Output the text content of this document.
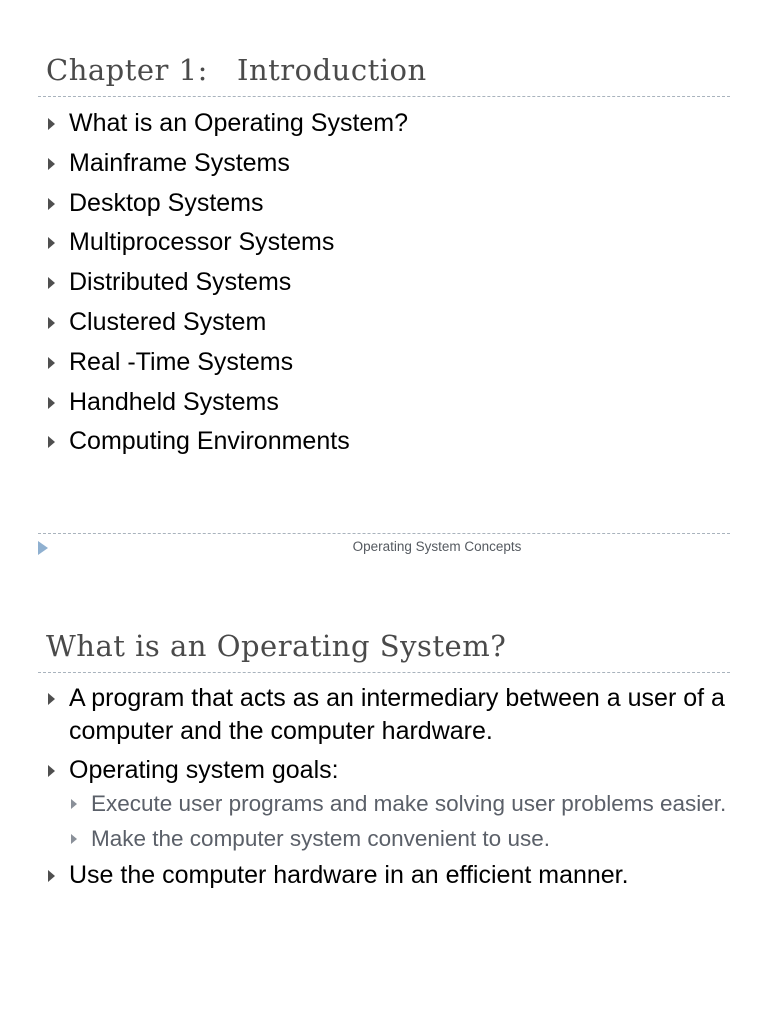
Chapter 1:   Introduction
What is an Operating System?
Mainframe Systems
Desktop Systems
Multiprocessor Systems
Distributed Systems
Clustered System
Real -Time Systems
Handheld Systems
Computing Environments
Operating System Concepts
What is an Operating System?
A program that acts as an intermediary between a user of a computer and the computer hardware.
Operating system goals:
Execute user programs and make solving user problems easier.
Make the computer system convenient to use.
Use the computer hardware in an efficient manner.
